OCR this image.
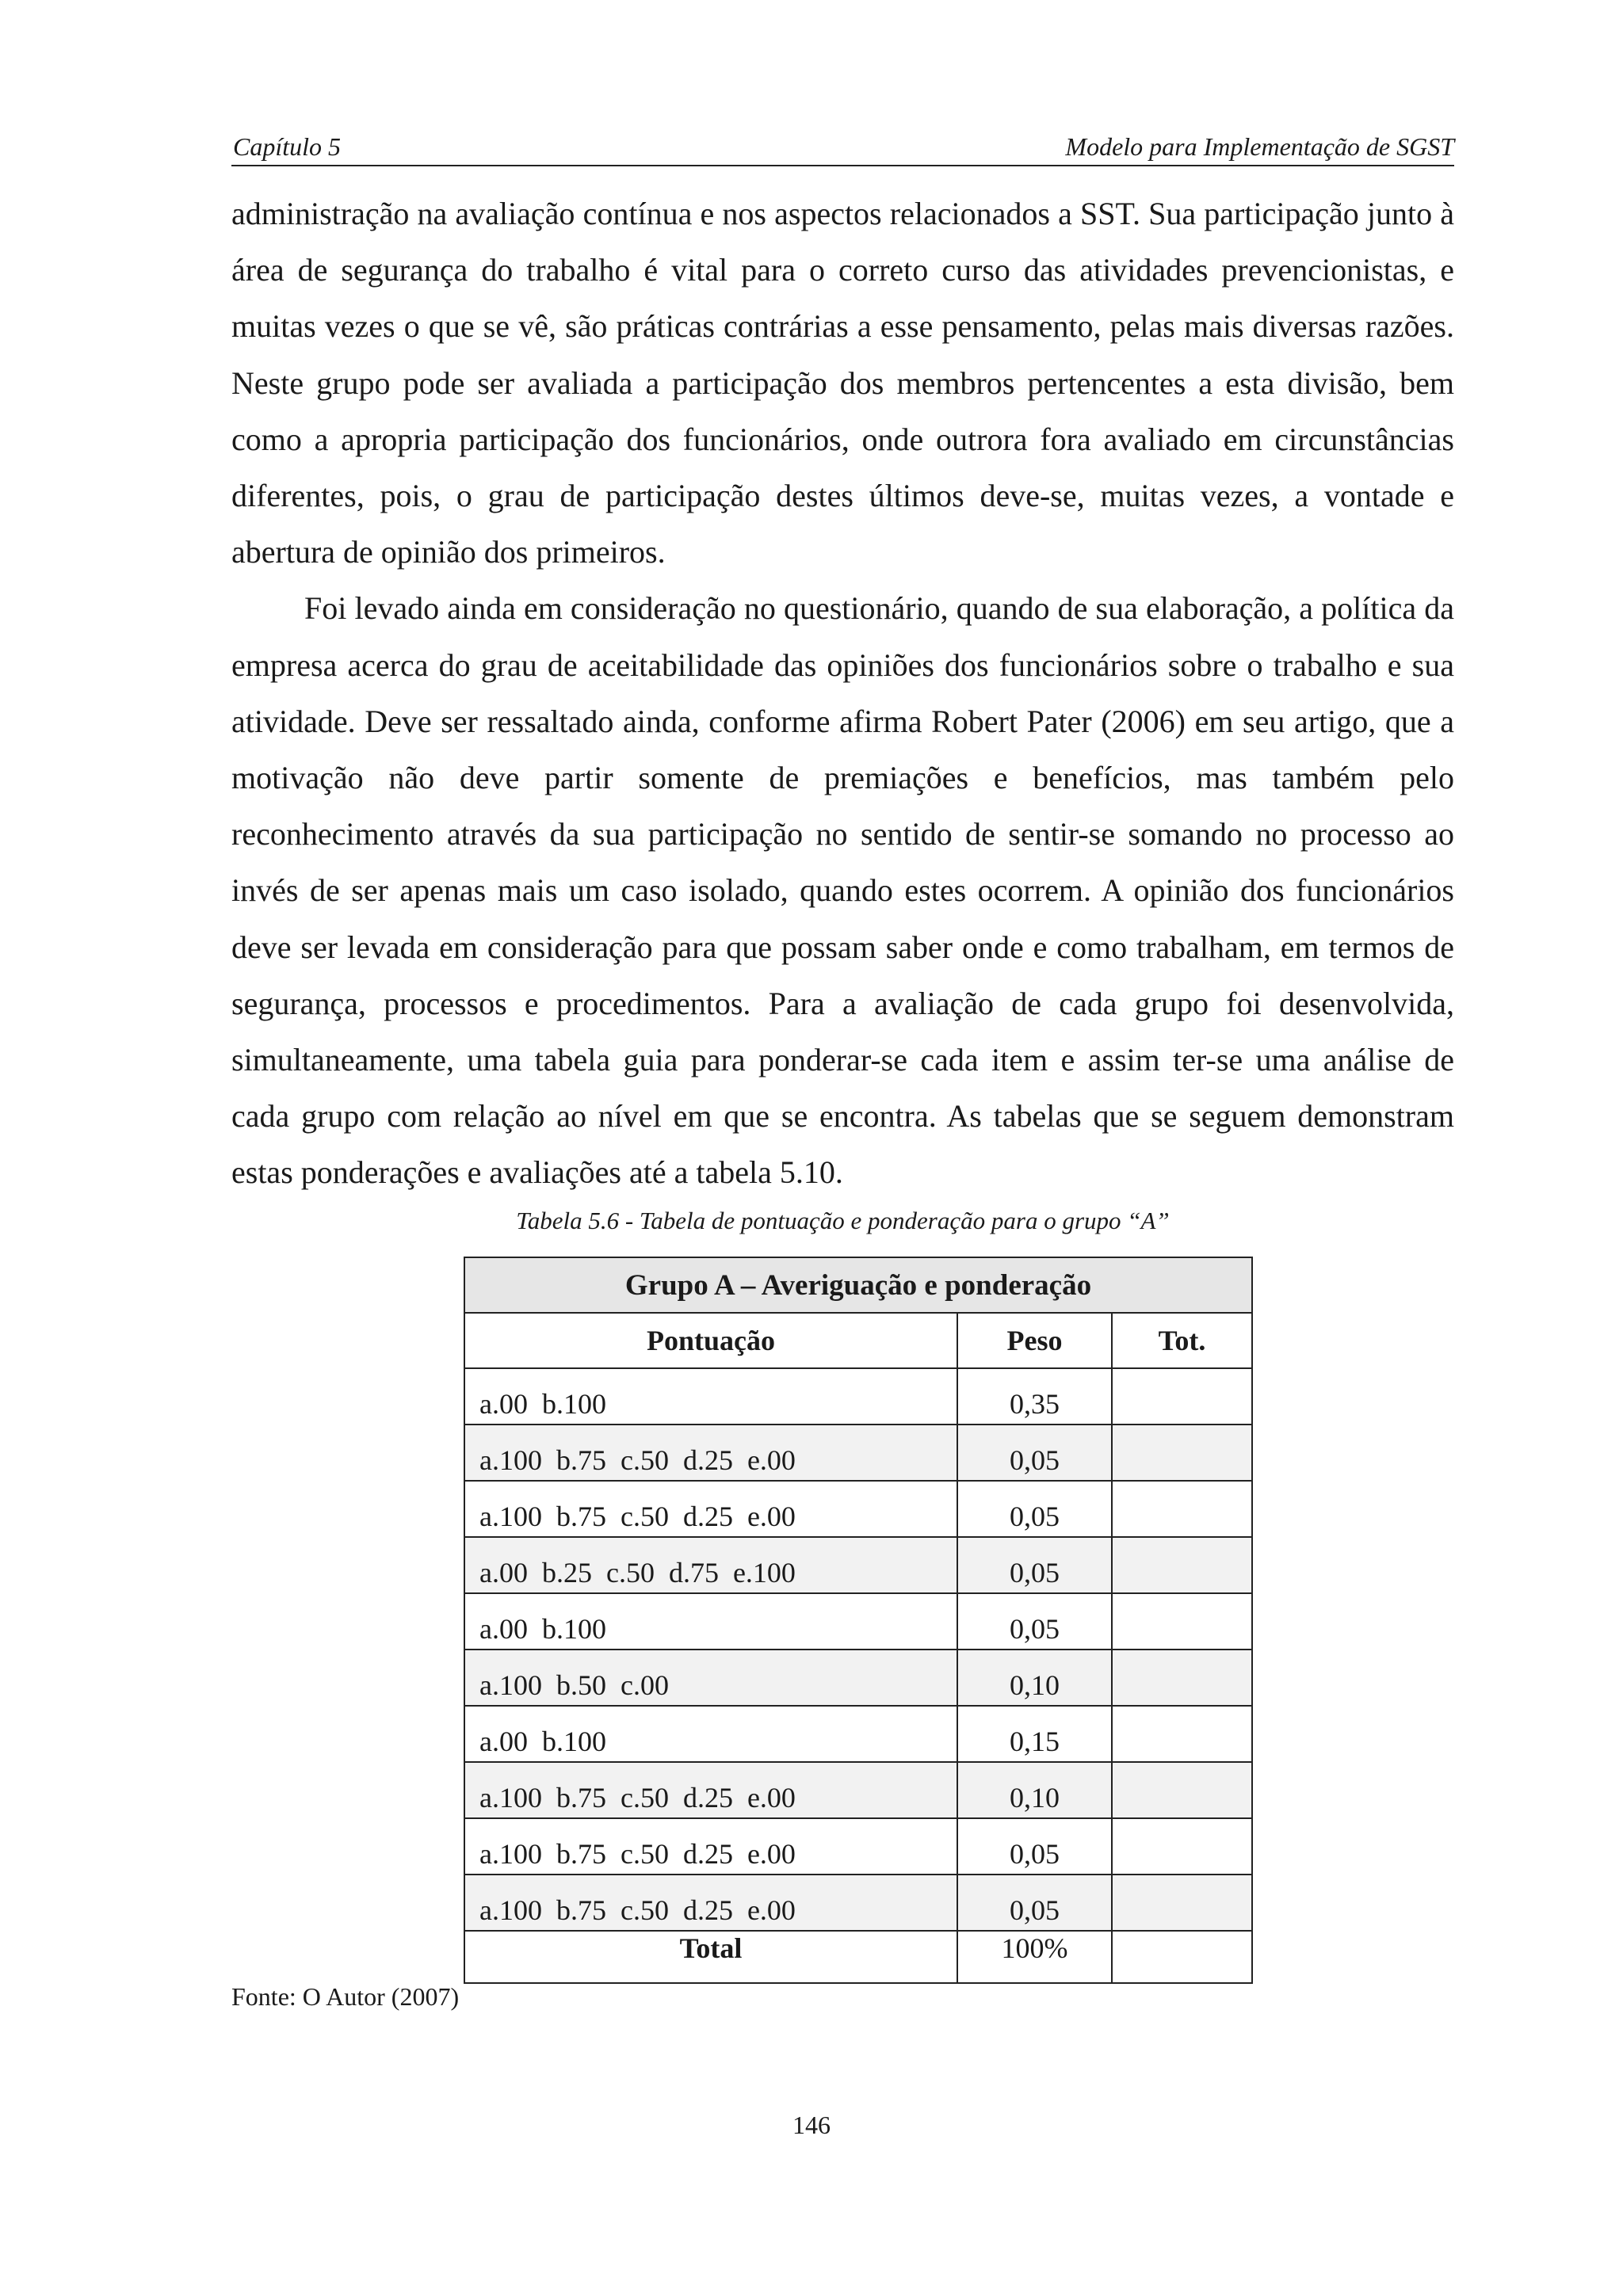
Capítulo 5	Modelo para Implementação de SGST

administração na avaliação contínua e nos aspectos relacionados a SST. Sua participação junto à área de segurança do trabalho é vital para o correto curso das atividades prevencionistas, e muitas vezes o que se vê, são práticas contrárias a esse pensamento, pelas mais diversas razões. Neste grupo pode ser avaliada a participação dos membros pertencentes a esta divisão, bem como a apropria participação dos funcionários, onde outrora fora avaliado em circunstâncias diferentes, pois, o grau de participação destes últimos deve-se, muitas vezes, a vontade e abertura de opinião dos primeiros.

Foi levado ainda em consideração no questionário, quando de sua elaboração, a política da empresa acerca do grau de aceitabilidade das opiniões dos funcionários sobre o trabalho e sua atividade. Deve ser ressaltado ainda, conforme afirma Robert Pater (2006) em seu artigo, que a motivação não deve partir somente de premiações e benefícios, mas também pelo reconhecimento através da sua participação no sentido de sentir-se somando no processo ao invés de ser apenas mais um caso isolado, quando estes ocorrem. A opinião dos funcionários deve ser levada em consideração para que possam saber onde e como trabalham, em termos de segurança, processos e procedimentos. Para a avaliação de cada grupo foi desenvolvida, simultaneamente, uma tabela guia para ponderar-se cada item e assim ter-se uma análise de cada grupo com relação ao nível em que se encontra. As tabelas que se seguem demonstram estas ponderações e avaliações até a tabela 5.10.

Tabela 5.6 - Tabela de pontuação e ponderação para o grupo “A”
Grupo A – Averiguação e ponderação		
Pontuação	Peso	Tot.
a.00  b.100	0,35	
a.100  b.75  c.50  d.25  e.00	0,05	
a.100  b.75  c.50  d.25  e.00	0,05	
a.00  b.25  c.50  d.75  e.100	0,05	
a.00  b.100	0,05	
a.100  b.50  c.00	0,10	
a.00  b.100	0,15	
a.100  b.75  c.50  d.25  e.00	0,10	
a.100  b.75  c.50  d.25  e.00	0,05	
a.100  b.75  c.50  d.25  e.00	0,05	
Total	100%	
Fonte: O Autor (2007)
146
